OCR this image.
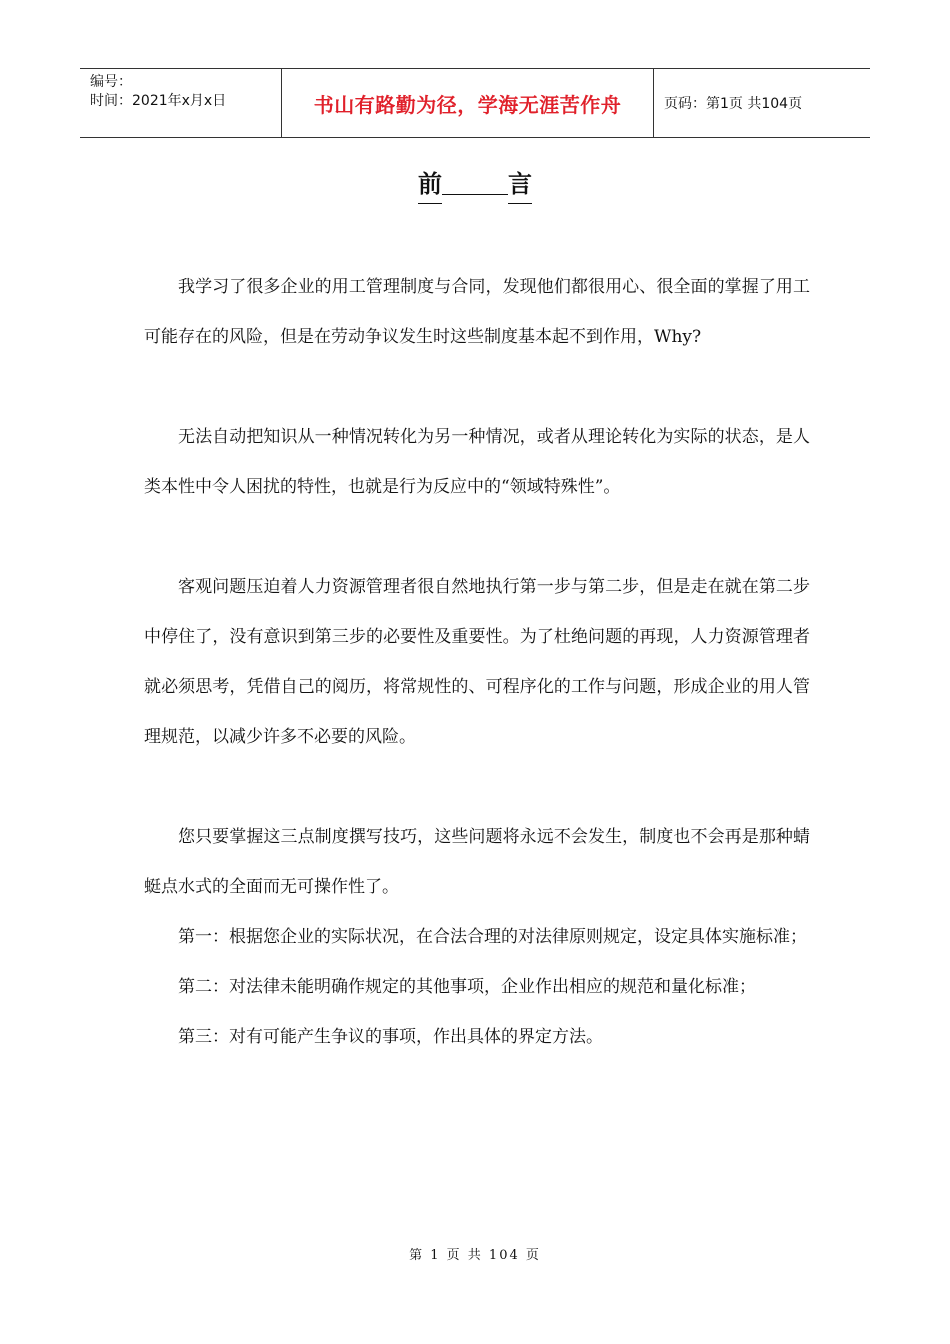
编号：
时间：2021年x月x日	书山有路勤为径，学海无涯苦作舟	页码：第1页 共104页
前	言

我学习了很多企业的用工管理制度与合同，发现他们都很用心、很全面的掌握了用工可能存在的风险，但是在劳动争议发生时这些制度基本起不到作用，Why?

无法自动把知识从一种情况转化为另一种情况，或者从理论转化为实际的状态，是人类本性中令人困扰的特性，也就是行为反应中的“领域特殊性”。

客观问题压迫着人力资源管理者很自然地执行第一步与第二步，但是走在就在第二步中停住了，没有意识到第三步的必要性及重要性。为了杜绝问题的再现，人力资源管理者就必须思考，凭借自己的阅历，将常规性的、可程序化的工作与问题，形成企业的用人管理规范，以减少许多不必要的风险。

您只要掌握这三点制度撰写技巧，这些问题将永远不会发生，制度也不会再是那种蜻蜓点水式的全面而无可操作性了。

第一：根据您企业的实际状况，在合法合理的对法律原则规定，设定具体实施标准；

第二：对法律未能明确作规定的其他事项，企业作出相应的规范和量化标准；

第三：对有可能产生争议的事项，作出具体的界定方法。

第 1 页 共 104 页
